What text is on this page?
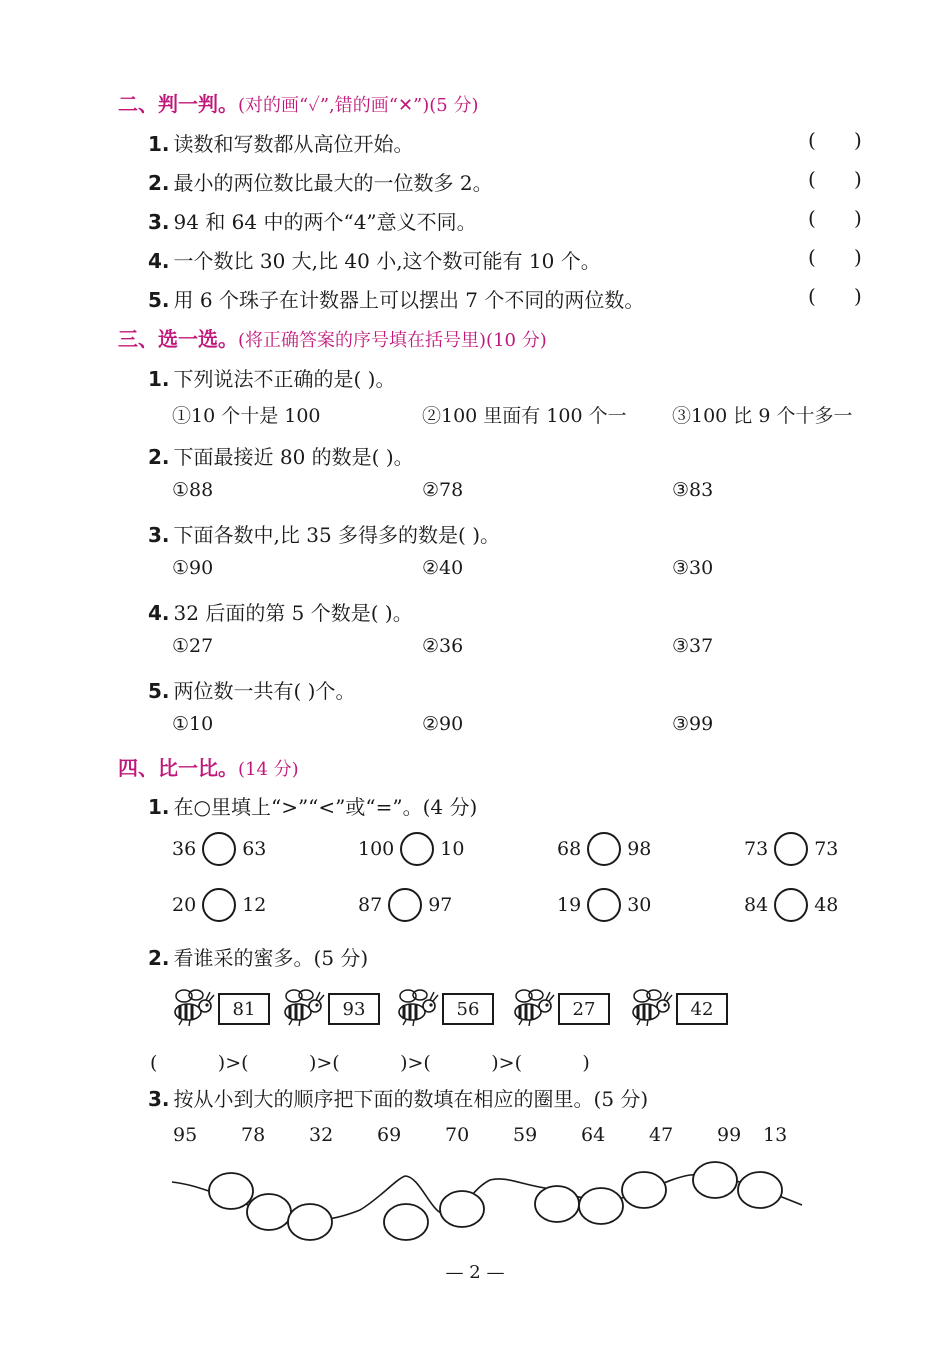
二、判一判。(对的画“✓”,错的画“✕”)(5 分)
1. 读数和写数都从高位开始。	(      )
2. 最小的两位数比最大的一位数多 2。	(      )
3. 94 和 64 中的两个“4”意义不同。	(      )
4. 一个数比 30 大,比 40 小,这个数可能有 10 个。	(      )
5. 用 6 个珠子在计数器上可以摆出 7 个不同的两位数。	(      )
三、选一选。(将正确答案的序号填在括号里)(10 分)
1. 下列说法不正确的是( )。
①10 个十是 100	②100 里面有 100 个一 ③100 比 9 个十多一
2. 下面最接近 80 的数是( )。
①88	②78	③83
3. 下面各数中,比 35 多得多的数是( )。
①90	②40	③30
4. 32 后面的第 5 个数是( )。
①27	②36	③37
5. 两位数一共有( )个。
①10	②90	③99
四、比一比。(14 分)
1. 在○里填上“>”“<”或“=”。(4 分)
36 63	100 10	68 98	73 73
20 12	87 97	19 30	84 48
2. 看谁采的蜜多。(5 分)
81	93	56	27	42
(          )>(          )>(          )>(          )>(          )
3. 按从小到大的顺序把下面的数填在相应的圈里。(5 分)
95 78 32 69 70 59 64 47 99 13
— 2 —
